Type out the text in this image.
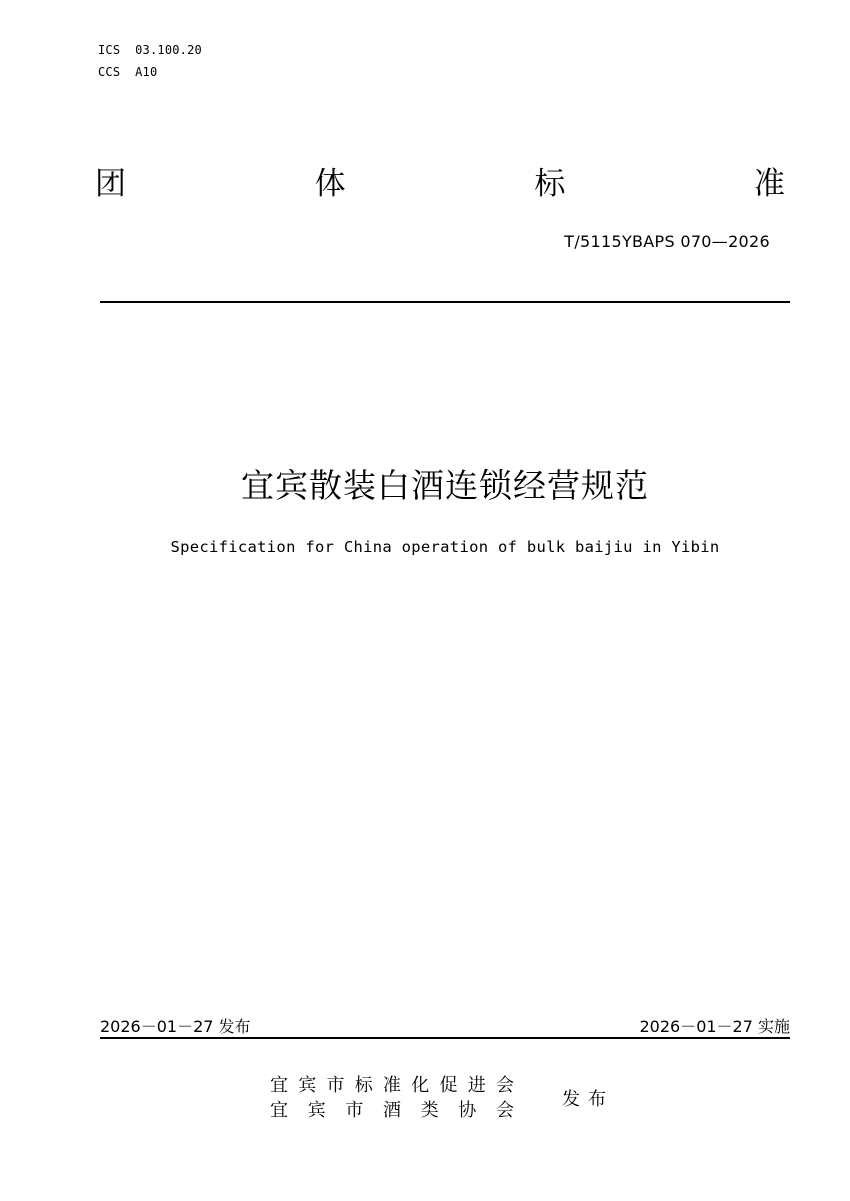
ICS  03.100.20
CCS  A10
团	体	标	准
T/5115YBAPS 070—2026
宜宾散装白酒连锁经营规范
Specification for China operation of bulk baijiu in Yibin
2026－01－27 发布	2026－01－27 实施
宜 宾 市 标 准 化 促 进 会
宜 宾 市 酒 类 协 会
发布
